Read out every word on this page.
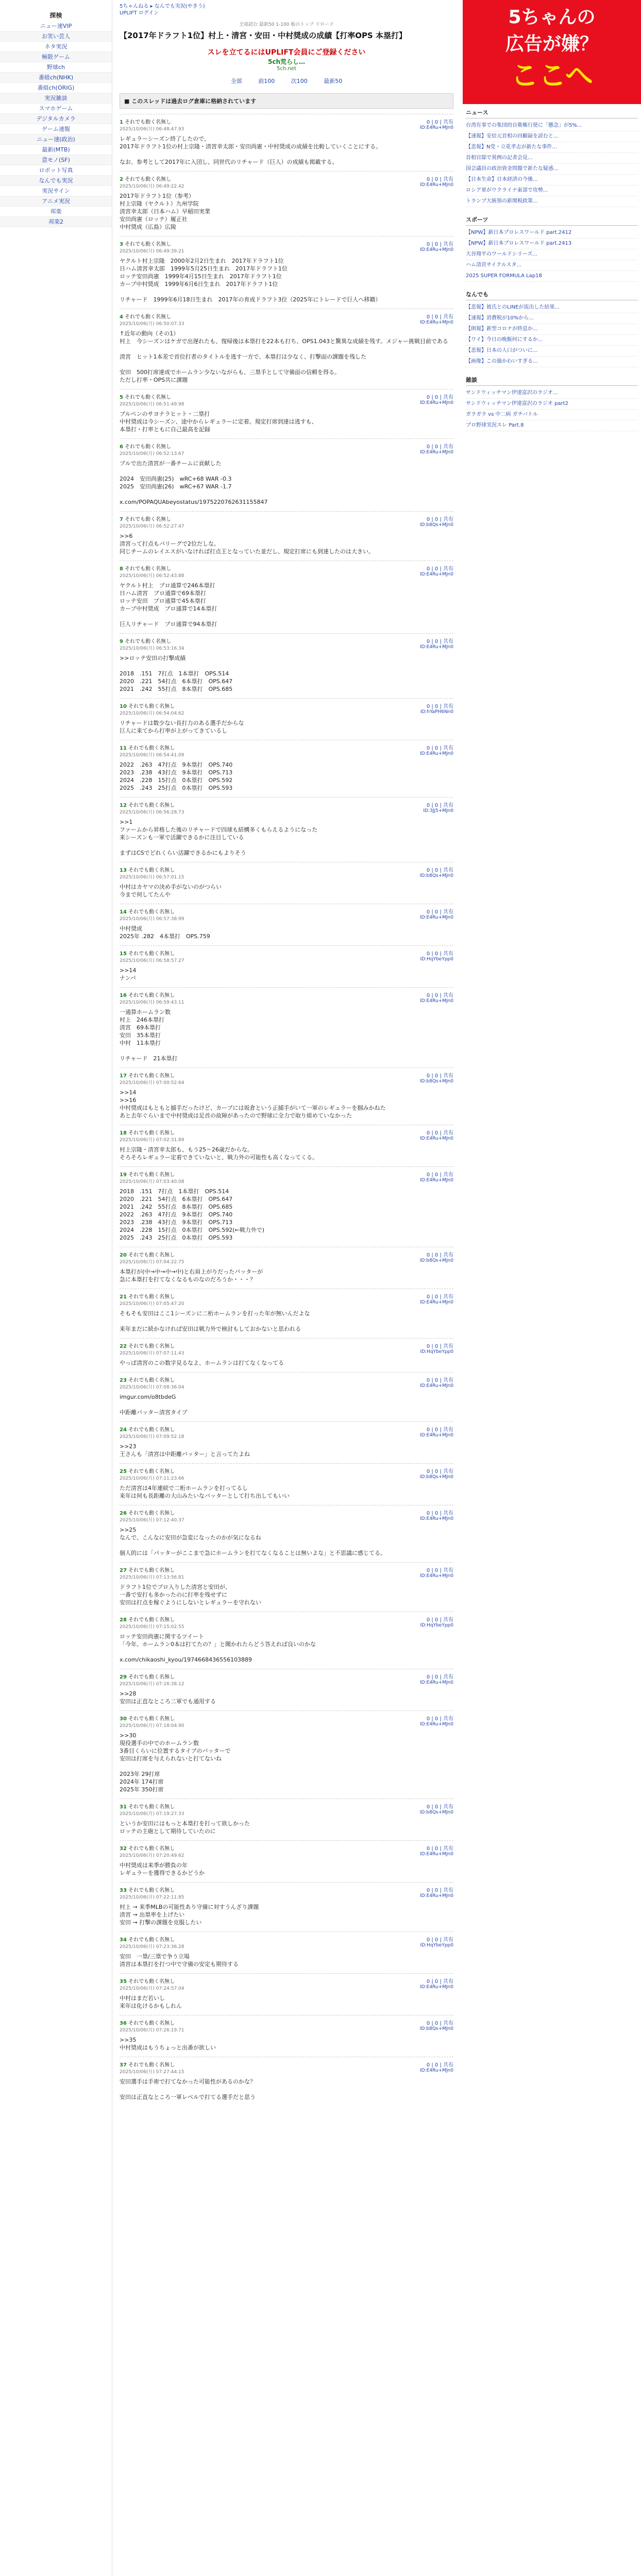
探検
ニュー速VIP
お笑い芸人
ネタ実況
極限ゲーム
野球ch
番組ch(NHK)
番組ch(ORIG)
実況雑談
スマホゲーム
デジタルカメラ
ゲーム速報
ニュー速(政治)
最新(MTB)
意モノ(SF)
ロボット写真
なんでも実況
実況サイン
アニメ実況
邦楽
邦楽2
5ちゃんねる ▸ なんでも実況(やきう)
UPLIFT ログイン
全部読む 最新50 1-100 板のトップ リロード
【2017年ドラフト1位】村上・清宮・安田・中村奨成の成績【打率OPS 本塁打】
スレを立てるにはUPLIFT会員にご登録ください
5ch荒らし…
5ch.net
全部	前100	次100	最新50
■ このスレッドは過去ログ倉庫に格納されています
1 それでも動く名無し	0 | 0 | 共有
2025/10/06(月) 06:48:47.93	ID:E4Ru+MJn0
レギュラーシーズン終了したので、
2017年ドラフト1位の村上宗隆・清宮幸太郎・安田尚憲・中村奨成の成績を比較していくことにする。

なお、参考として2017年に入団し、同世代のリチャード（巨人）の成績も掲載する。
2 それでも動く名無し	0 | 0 | 共有
2025/10/06(月) 06:49:22.42	ID:E4Ru+MJn0
2017年ドラフト1位（参考）
村上宗隆（ヤクルト）九州学院
清宮幸太郎（日本ハム）早稲田実業
安田尚憲（ロッテ）履正社
中村奨成（広島）広陵
3 それでも動く名無し	0 | 0 | 共有
2025/10/06(月) 06:49:39.21	ID:E4Ru+MJn0
ヤクルト村上宗隆　2000年2月2日生まれ　2017年ドラフト1位
日ハム清宮幸太郎　1999年5月25日生まれ　2017年ドラフト1位
ロッテ安田尚憲　1999年4月15日生まれ　2017年ドラフト1位
カープ中村奨成　1999年6月6日生まれ　2017年ドラフト1位

リチャード　1999年6月18日生まれ　2017年の育成ドラフト3位（2025年にトレードで巨人へ移籍）
4 それでも動く名無し	0 | 0 | 共有
2025/10/06(月) 06:50:07.33	ID:E4Ru+MJn0
↑近年の動向（その1）
村上　今シーズンはケガで出遅れたも、復帰後は本塁打を22本も打ち、OPS1.043と驚異な成績を残す。メジャー挑戦目前である

清宮　ヒット1本差で首位打者のタイトルを逃す一方で、本塁打は少なく、打撃面の課題を残した

安田　500打席達成でホームラン少ないながらも、三塁手として守備面の信頼を得る。
ただし打率・OPS共に課題
5 それでも動く名無し	0 | 0 | 共有
2025/10/06(月) 06:51:49.98	ID:E4Ru+MJn0
ブルペンのサヨナラヒット・二塁打
中村奨成は今シーズン、途中からレギュラーに定着。規定打席到達は逃すも、
本塁打・打率ともに自己最高を記録
6 それでも動く名無し	0 | 0 | 共有
2025/10/06(月) 06:52:13.67	ID:E4Ru+MJn0
ブルで出た清宮が一番チームに貢献した

2024　安田尚憲(25)　wRC+68 WAR -0.3
2025　安田尚憲(26)　wRC+67 WAR -1.7

x.com/POPAQUAbeyostatus/1975220762631155847
7 それでも動く名無し	0 | 0 | 共有
2025/10/06(月) 06:52:27.47	ID:b8Qs+MJn0
>>6
清宮って打点もパリーグで2位だしな。
同じチームのレイエスがいなければ打点王となっていた並だし、規定打席にも到達したのは大きい。
8 それでも動く名無し	0 | 0 | 共有
2025/10/06(月) 06:52:43.88	ID:E4Ru+MJn0
ヤクルト村上　プロ通算で246本塁打
日ハム清宮　プロ通算で69本塁打
ロッテ安田　プロ通算で45本塁打
カープ中村奨成　プロ通算で14本塁打

巨人リチャード　プロ通算で94本塁打
9 それでも動く名無し	0 | 0 | 共有
2025/10/06(月) 06:53:16.34	ID:E4Ru+MJn0
>>ロッテ安田の打撃成績

2018　.151　7打点　1本塁打　OPS.514
2020　.221　54打点　6本塁打　OPS.647
2021　.242　55打点　8本塁打　OPS.685
10 それでも動く名無し	0 | 0 | 共有
2025/10/06(月) 06:54:04.62	ID:hYaPH6Nn0
リチャードは数少ない長打力のある選手だからな
巨人に来てから打率が上がってきているし
11 それでも動く名無し	0 | 0 | 共有
2025/10/06(月) 06:54:41.09	ID:E4Ru+MJn0
2022　.263　47打点　9本塁打　OPS.740
2023　.238　43打点　9本塁打　OPS.713
2024　.228　15打点　0本塁打　OPS.592
2025　.243　25打点　0本塁打　OPS.593
12 それでも動く名無し	0 | 0 | 共有
2025/10/06(月) 06:56:28.73	ID:3Jj5+MJn0
>>1
ファームから昇格した後のリチャードで四球も結構多くもらえるようになった
来シーズンも一軍で活躍できるかに注目している

まずはCSでどれくらい活躍できるかにもよりそう
13 それでも動く名無し	0 | 0 | 共有
2025/10/06(月) 06:57:01.15	ID:b8Qs+MJn0
中村はカヤマの決め手がないのがつらい
今まで何してたんや
14 それでも動く名無し	0 | 0 | 共有
2025/10/06(月) 06:57:38.99	ID:E4Ru+MJn0
中村奨成
2025年 .282　4本塁打　OPS.759
15 それでも動く名無し	0 | 0 | 共有
2025/10/06(月) 06:58:57.27	ID:HqYbeYpp0
>>14
ナンバ
16 それでも動く名無し	0 | 0 | 共有
2025/10/06(月) 06:59:43.11	ID:E4Ru+MJn0
一通算ホームラン数
村上　246本塁打
清宮　69本塁打
安田　35本塁打
中村　11本塁打

リチャード　21本塁打
17 それでも動く名無し	0 | 0 | 共有
2025/10/06(月) 07:00:52.64	ID:b8Qs+MJn0
>>14
>>16
中村奨成はもともと捕手だったけど、カープには坂倉という正捕手がいて一軍のレギュラーを掴みかねた
あと去年ぐらいまで中村奨成は足首の故障があったので野球に全力で取り組めていなかった
18 それでも動く名無し	0 | 0 | 共有
2025/10/06(月) 07:02:31.89	ID:E4Ru+MJn0
村上宗隆・清宮幸太郎も、もう25〜26歳だからな。
そろそろレギュラー定着できていないと、戦力外の可能性も高くなってくる。
19 それでも動く名無し	0 | 0 | 共有
2025/10/06(月) 07:03:40.08	ID:E4Ru+MJn0
2018　.151　7打点　1本塁打　OPS.514
2020　.221　54打点　6本塁打　OPS.647
2021　.242　55打点　8本塁打　OPS.685
2022　.263　47打点　9本塁打　OPS.740
2023　.238　43打点　9本塁打　OPS.713
2024　.228　15打点　0本塁打　OPS.592(←戦力外で)
2025　.243　25打点　0本塁打　OPS.593
20 それでも動く名無し	0 | 0 | 共有
2025/10/06(月) 07:04:22.75	ID:b8Qs+MJn0
本塁打が(中→中→中→中)と右肩上がりだったバッターが
急に本塁打を打てなくなるものなのだろうか・・・？
21 それでも動く名無し	0 | 0 | 共有
2025/10/06(月) 07:05:47.20	ID:E4Ru+MJn0
そもそも安田はここ1シーズンに二桁ホームランを打った年が無いんだよな

来年まだに続かなければ安田は戦力外で検討もしておかないと思われる
22 それでも動く名無し	0 | 0 | 共有
2025/10/06(月) 07:07:11.43	ID:HqYbeYpp0
やっぱ清宮のこの数字見るなよ、ホームランは打てなくなってる
23 それでも動く名無し	0 | 0 | 共有
2025/10/06(月) 07:08:36.04	ID:E4Ru+MJn0
imgur.com/o8tbdeG

中距離バッター清宮タイプ
24 それでも動く名無し	0 | 0 | 共有
2025/10/06(月) 07:09:52.18	ID:E4Ru+MJn0
>>23
王さんも「清宮は中距離バッター」と言ってたよね
25 それでも動く名無し	0 | 0 | 共有
2025/10/06(月) 07:11:23.66	ID:b8Qs+MJn0
ただ清宮は4年連続で二桁ホームランを打ってるし
来年は何も長距離の大山みたいなバッターとして打ち出してもいい
26 それでも動く名無し	0 | 0 | 共有
2025/10/06(月) 07:12:40.37	ID:E4Ru+MJn0
>>25
なんで、こんなに安田が急変になったのかが気になるね

個人的には「パッターがここまで急にホームランを打てなくなることは無いよな」と不思議に感じてる。
27 それでも動く名無し	0 | 0 | 共有
2025/10/06(月) 07:13:56.81	ID:E4Ru+MJn0
ドラフト1位でプロ入りした清宮と安田が、
一番で安打も多かったのに打率を残せずに
安田は打点を稼ぐようにしないとレギュラーを守れない
28 それでも動く名無し	0 | 0 | 共有
2025/10/06(月) 07:15:02.55	ID:HqYbeYpp0
ロッテ安田尚憲に関するツイート
「今年、ホームラン0本は打てたの？」と聞かれたらどう答えれば良いのかな

x.com/chikaoshi_kyou/1974668436556103889
29 それでも動く名無し	0 | 0 | 共有
2025/10/06(月) 07:16:38.12	ID:E4Ru+MJn0
>>28
安田は正直なところ二軍でも通用する
30 それでも動く名無し	0 | 0 | 共有
2025/10/06(月) 07:18:04.90	ID:E4Ru+MJn0
>>30
現役選手の中でのホームラン数
3番目くらいに位置するタイプのバッターで
安田は打席を与えられないと打てないね

2023年 29打席
2024年 174打席
2025年 350打席
31 それでも動く名無し	0 | 0 | 共有
2025/10/06(月) 07:19:27.33	ID:b8Qs+MJn0
というか安田にはもっと本塁打を打って欲しかった
ロッテの主砲として期待していたのに
32 それでも動く名無し	0 | 0 | 共有
2025/10/06(月) 07:20:49.62	ID:E4Ru+MJn0
中村奨成は来季が勝負の年
レギュラーを獲得できるかどうか
33 それでも動く名無し	0 | 0 | 共有
2025/10/06(月) 07:22:11.85	ID:E4Ru+MJn0
村上 → 来季MLBの可能性あり守備に対すうんざり課題
清宮 → 出塁率を上げたい
安田 → 打撃の課題を克服したい
34 それでも動く名無し	0 | 0 | 共有
2025/10/06(月) 07:23:36.28	ID:HqYbeYpp0
安田　一塁/三塁で争う立場
清宮は本塁打を打つ中で守備の安定も期待する
35 それでも動く名無し	0 | 0 | 共有
2025/10/06(月) 07:24:57.04	ID:E4Ru+MJn0
中村はまだ若いし
来年は化けるかもしれん
36 それでも動く名無し	0 | 0 | 共有
2025/10/06(月) 07:26:19.71	ID:b8Qs+MJn0
>>35
中村奨成はもうちょっと出番が欲しい
37 それでも動く名無し	0 | 0 | 共有
2025/10/06(月) 07:27:44.15	ID:E4Ru+MJn0
安田選手は手術で打てなかった可能性があるのかな？

安田は正直なところ一軍レベルで打てる選手だと思う
5ちゃんの
広告が嫌？
ここへ
ニュース
台湾有事での集団的自衛権行使に「懸念」が5%...
【速報】安倍元首相の回顧録を読むと...
【悲報】N党・立花孝志が新たな事件...
首相官邸で異例の記者会見...
国会議員の政治資金問題で新たな疑惑...
【日本生命】日本経済の今後...
ロシア軍がウクライナ東部で攻勢...
トランプ大統領の新関税政策...
スポーツ
【NPW】新日本プロレスワールド part.2412
【NPW】新日本プロレスワールド part.2413
大谷翔平のワールドシリーズ...
ハム清宮サイクルスタ...
2025 SUPER FORMULA Lap18
なんでも
【悲報】彼氏とのLINEが流出した結果...
【速報】消費税が10%から...
【朗報】新型コロナが終息か...
【ワイ】今日の晩飯何にするか...
【悲報】日本の人口がついに...
【画像】この猫かわいすぎる...
雑談
サンドウィッチマン伊達富沢のラジオ...
サンドウィッチマン伊達富沢のラジオ part2
ガラガラ vs 中二病 ガチバトル
プロ野球実況スレ Part.8
